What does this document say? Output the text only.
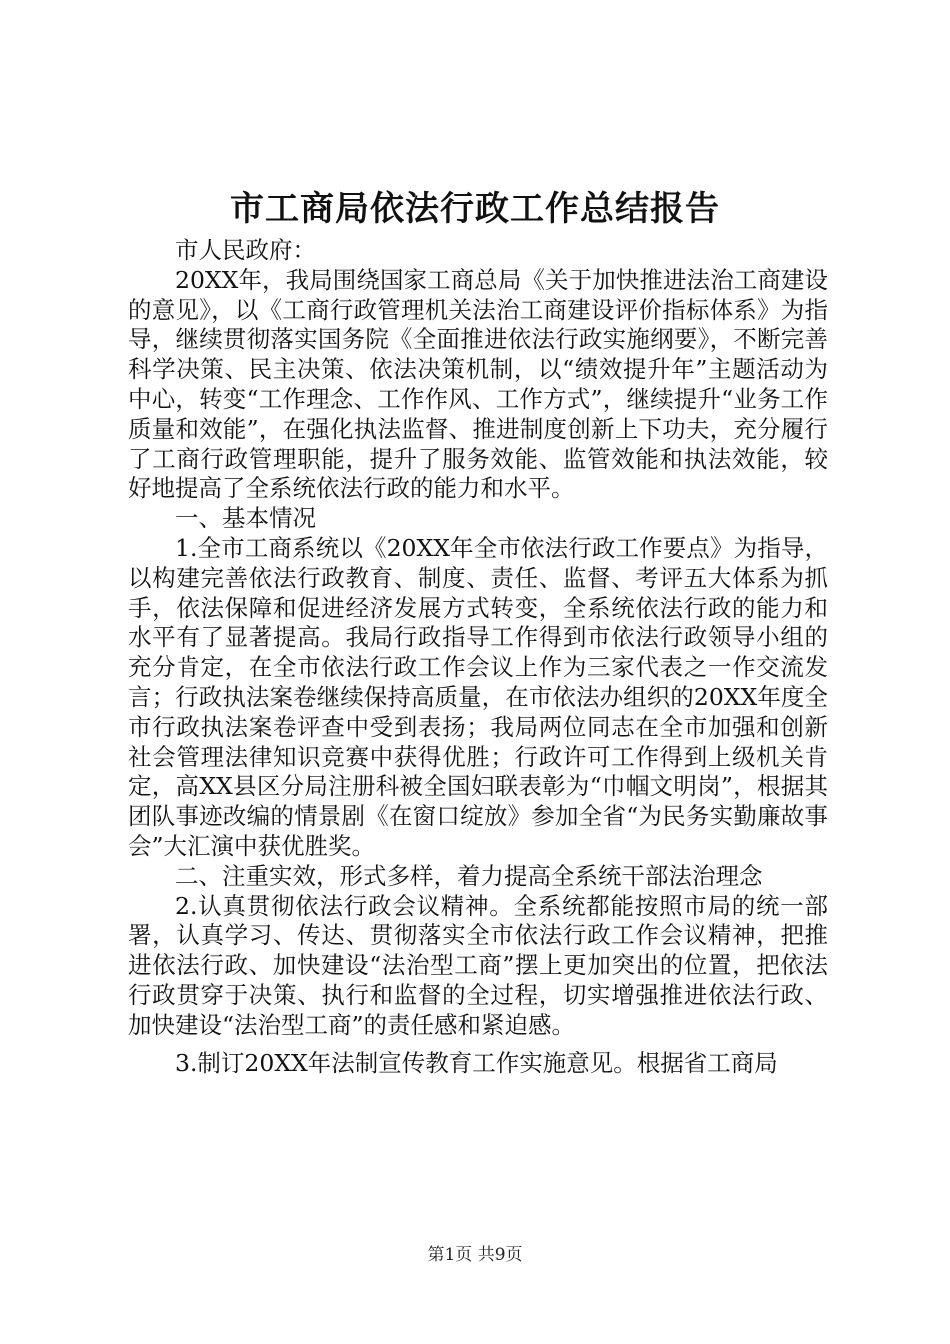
市工商局依法行政工作总结报告

市人民政府：

20XX年，我局围绕国家工商总局《关于加快推进法治工商建设的意见》，以《工商行政管理机关法治工商建设评价指标体系》为指导，继续贯彻落实国务院《全面推进依法行政实施纲要》，不断完善科学决策、民主决策、依法决策机制，以“绩效提升年”主题活动为中心，转变“工作理念、工作作风、工作方式”，继续提升“业务工作质量和效能”，在强化执法监督、推进制度创新上下功夫，充分履行了工商行政管理职能，提升了服务效能、监管效能和执法效能，较好地提高了全系统依法行政的能力和水平。

一、基本情况

1.全市工商系统以《20XX年全市依法行政工作要点》为指导，以构建完善依法行政教育、制度、责任、监督、考评五大体系为抓手，依法保障和促进经济发展方式转变，全系统依法行政的能力和水平有了显著提高。我局行政指导工作得到市依法行政领导小组的充分肯定，在全市依法行政工作会议上作为三家代表之一作交流发言；行政执法案卷继续保持高质量，在市依法办组织的20XX年度全市行政执法案卷评查中受到表扬；我局两位同志在全市加强和创新社会管理法律知识竞赛中获得优胜；行政许可工作得到上级机关肯定，高XX县区分局注册科被全国妇联表彰为“巾帼文明岗”，根据其团队事迹改编的情景剧《在窗口绽放》参加全省“为民务实勤廉故事会”大汇演中获优胜奖。

二、注重实效，形式多样，着力提高全系统干部法治理念

2.认真贯彻依法行政会议精神。全系统都能按照市局的统一部署，认真学习、传达、贯彻落实全市依法行政工作会议精神，把推进依法行政、加快建设“法治型工商”摆上更加突出的位置，把依法行政贯穿于决策、执行和监督的全过程，切实增强推进依法行政、加快建设“法治型工商”的责任感和紧迫感。

3.制订20XX年法制宣传教育工作实施意见。根据省工商局

第1页 共9页
